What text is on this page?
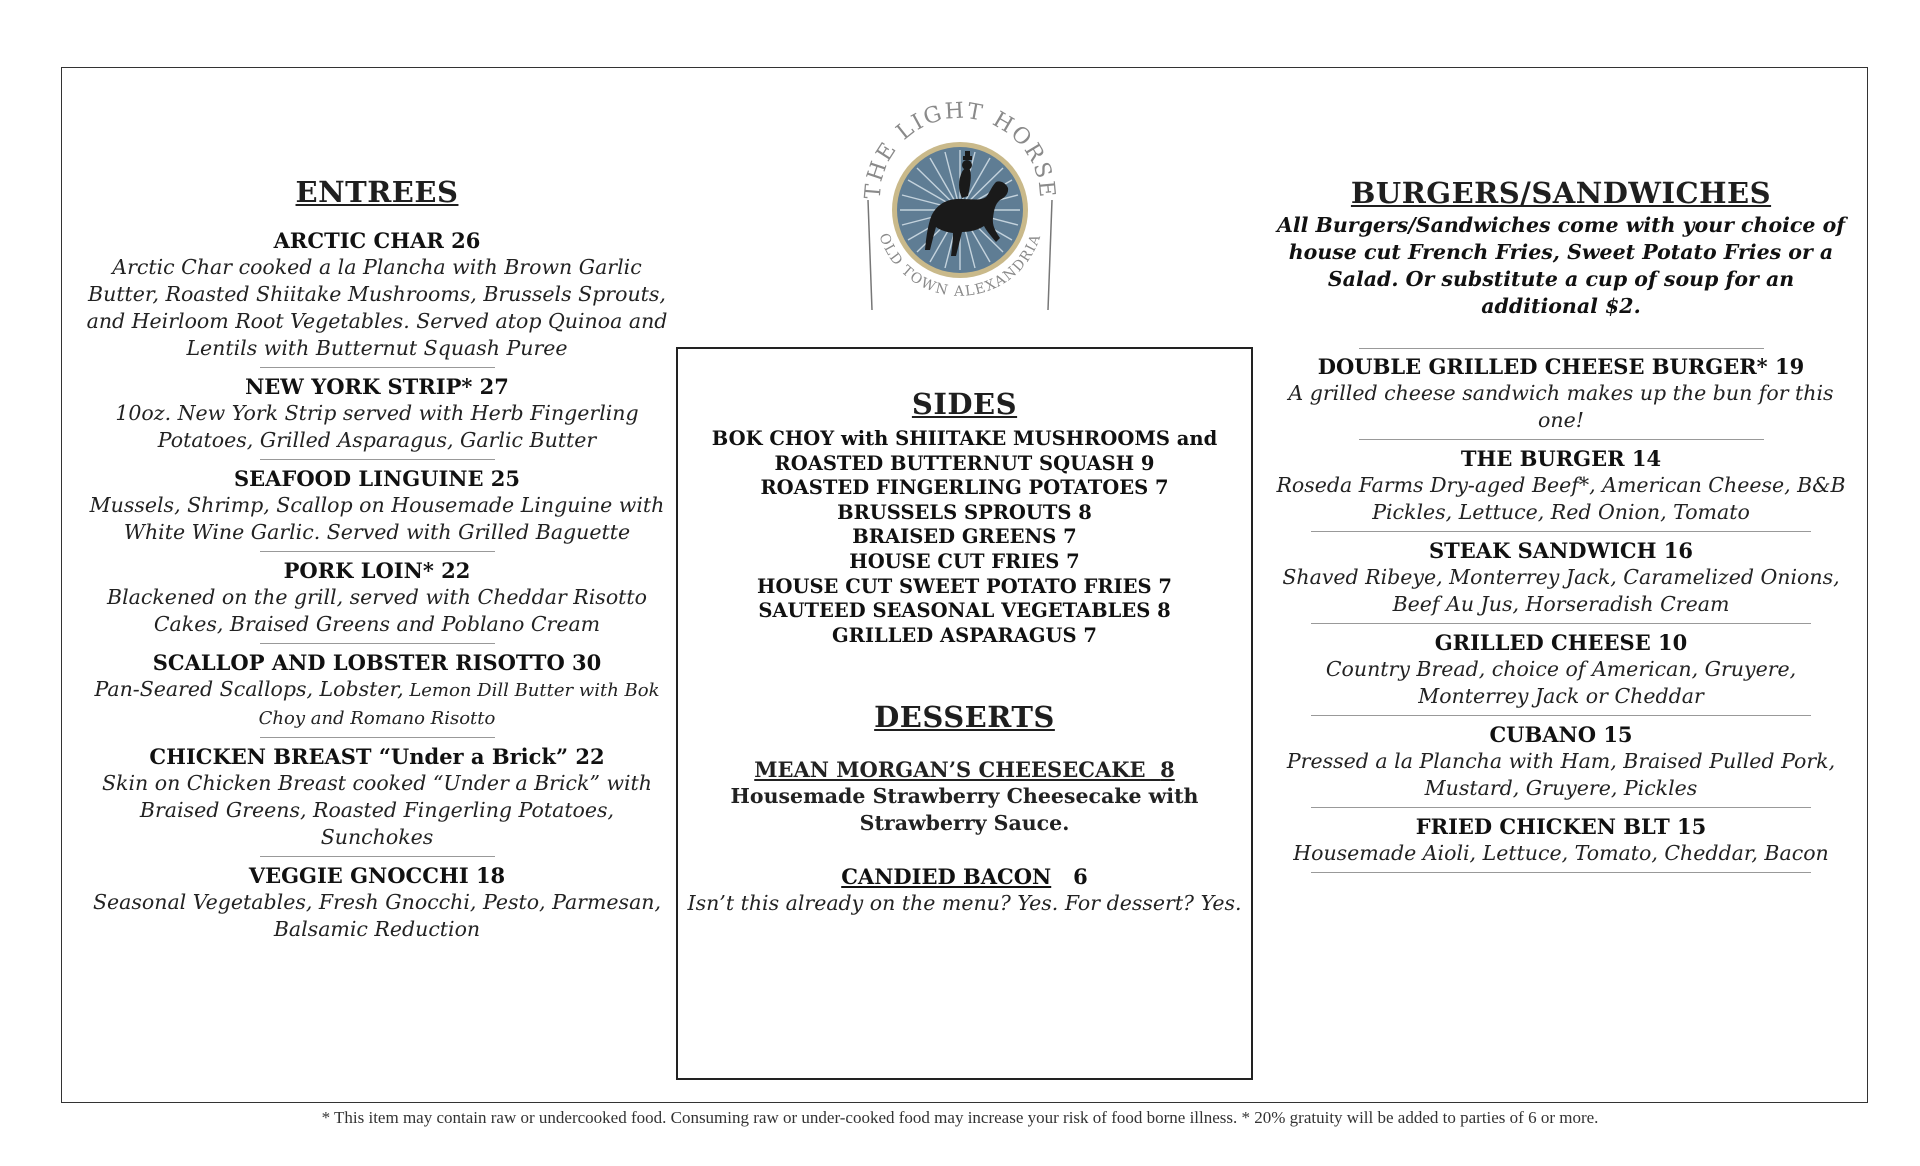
THE LIGHT HORSE
OLD TOWN ALEXANDRIA
ENTREES
ARCTIC CHAR 26
Arctic Char cooked a la Plancha with Brown Garlic Butter, Roasted Shiitake Mushrooms, Brussels Sprouts, and Heirloom Root Vegetables. Served atop Quinoa and Lentils with Butternut Squash Puree
NEW YORK STRIP* 27
10oz. New York Strip served with Herb Fingerling Potatoes, Grilled Asparagus, Garlic Butter
SEAFOOD LINGUINE 25
Mussels, Shrimp, Scallop on Housemade Linguine with White Wine Garlic. Served with Grilled Baguette
PORK LOIN* 22
Blackened on the grill, served with Cheddar Risotto Cakes, Braised Greens and Poblano Cream
SCALLOP AND LOBSTER RISOTTO 30
Pan-Seared Scallops, Lobster, Lemon Dill Butter with Bok Choy and Romano Risotto
CHICKEN BREAST “Under a Brick” 22
Skin on Chicken Breast cooked “Under a Brick” with Braised Greens, Roasted Fingerling Potatoes, Sunchokes
VEGGIE GNOCCHI 18
Seasonal Vegetables, Fresh Gnocchi, Pesto, Parmesan, Balsamic Reduction
SIDES
BOK CHOY with SHIITAKE MUSHROOMS and
ROASTED BUTTERNUT SQUASH 9
ROASTED FINGERLING POTATOES 7
BRUSSELS SPROUTS 8
BRAISED GREENS 7
HOUSE CUT FRIES 7
HOUSE CUT SWEET POTATO FRIES 7
SAUTEED SEASONAL VEGETABLES 8
GRILLED ASPARAGUS 7
DESSERTS
MEAN MORGAN’S CHEESECAKE 8
Housemade Strawberry Cheesecake with Strawberry Sauce.
CANDIED BACON 6
Isn’t this already on the menu? Yes. For dessert? Yes.
BURGERS/SANDWICHES
All Burgers/Sandwiches come with your choice of house cut French Fries, Sweet Potato Fries or a Salad. Or substitute a cup of soup for an additional $2.
DOUBLE GRILLED CHEESE BURGER* 19
A grilled cheese sandwich makes up the bun for this one!
THE BURGER 14
Roseda Farms Dry-aged Beef*, American Cheese, B&B Pickles, Lettuce, Red Onion, Tomato
STEAK SANDWICH 16
Shaved Ribeye, Monterrey Jack, Caramelized Onions, Beef Au Jus, Horseradish Cream
GRILLED CHEESE 10
Country Bread, choice of American, Gruyere, Monterrey Jack or Cheddar
CUBANO 15
Pressed a la Plancha with Ham, Braised Pulled Pork, Mustard, Gruyere, Pickles
FRIED CHICKEN BLT 15
Housemade Aioli, Lettuce, Tomato, Cheddar, Bacon
* This item may contain raw or undercooked food. Consuming raw or under-cooked food may increase your risk of food borne illness. * 20% gratuity will be added to parties of 6 or more.
